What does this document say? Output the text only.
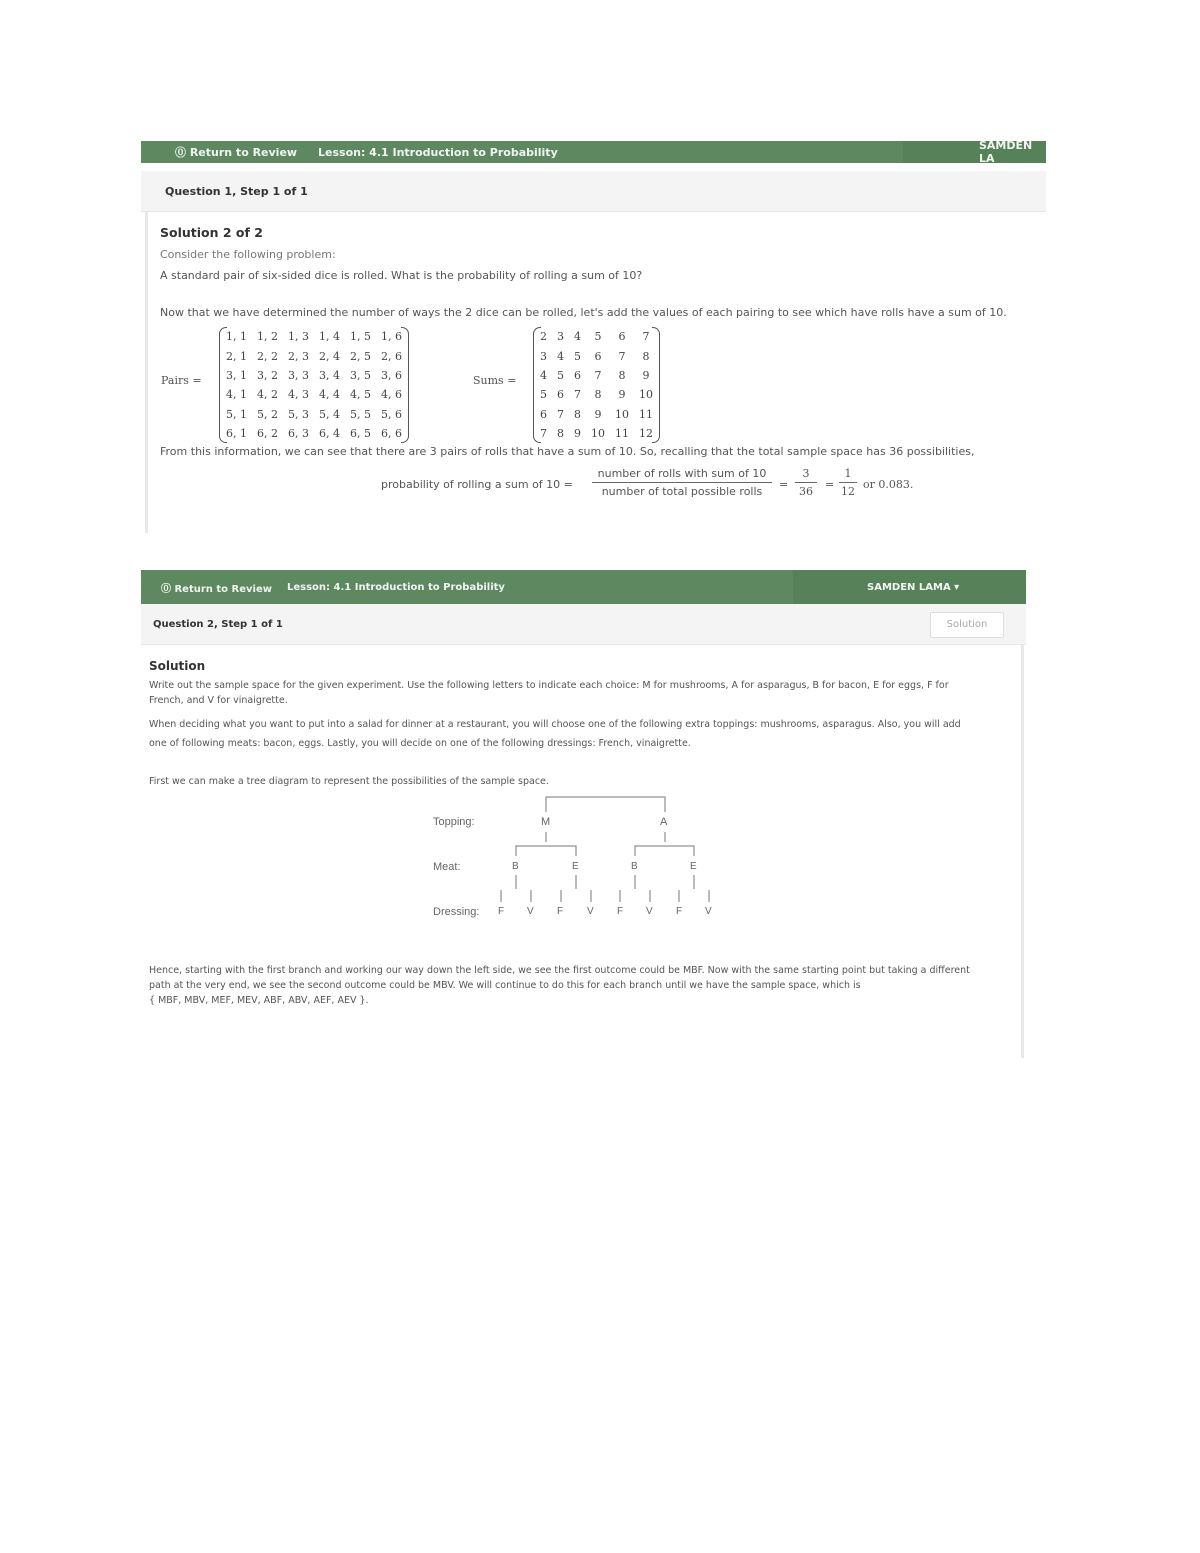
⓪ Return to Review Lesson: 4.1 Introduction to Probability	SAMDEN LA
Question 1, Step 1 of 1
Solution 2 of 2
Consider the following problem:
A standard pair of six-sided dice is rolled. What is the probability of rolling a sum of 10?
Now that we have determined the number of ways the 2 dice can be rolled, let's add the values of each pairing to see which have rolls have a sum of 10.
Pairs =
1, 1	1, 2	1, 3	1, 4	1, 5	1, 6
2, 1	2, 2	2, 3	2, 4	2, 5	2, 6
3, 1	3, 2	3, 3	3, 4	3, 5	3, 6
4, 1	4, 2	4, 3	4, 4	4, 5	4, 6
5, 1	5, 2	5, 3	5, 4	5, 5	5, 6
6, 1	6, 2	6, 3	6, 4	6, 5	6, 6
Sums =
2	3	4	5	6	7
3	4	5	6	7	8
4	5	6	7	8	9
5	6	7	8	9	10
6	7	8	9	10	11
7	8	9	10	11	12
From this information, we can see that there are 3 pairs of rolls that have a sum of 10. So, recalling that the total sample space has 36 possibilities,
probability of rolling a sum of 10 =
number of rolls with sum of 10
number of total possible rolls
= $\frac{3}{36} = \frac{1}{12}$ or 0.083.
⓪ Return to Review Lesson: 4.1 Introduction to Probability	SAMDEN LAMA ▾
Question 2, Step 1 of 1	Solution
Solution
Write out the sample space for the given experiment. Use the following letters to indicate each choice: M for mushrooms, A for asparagus, B for bacon, E for eggs, F for
French, and V for vinaigrette.
When deciding what you want to put into a salad for dinner at a restaurant, you will choose one of the following extra toppings: mushrooms, asparagus. Also, you will add
one of following meats: bacon, eggs. Lastly, you will decide on one of the following dressings: French, vinaigrette.
First we can make a tree diagram to represent the possibilities of the sample space.
Topping:
Meat:
Dressing:
M	A
B	E	B	E
F V F V F V F V
Hence, starting with the first branch and working our way down the left side, we see the first outcome could be MBF. Now with the same starting point but taking a different
path at the very end, we see the second outcome could be MBV. We will continue to do this for each branch until we have the sample space, which is
{ MBF, MBV, MEF, MEV, ABF, ABV, AEF, AEV }.
